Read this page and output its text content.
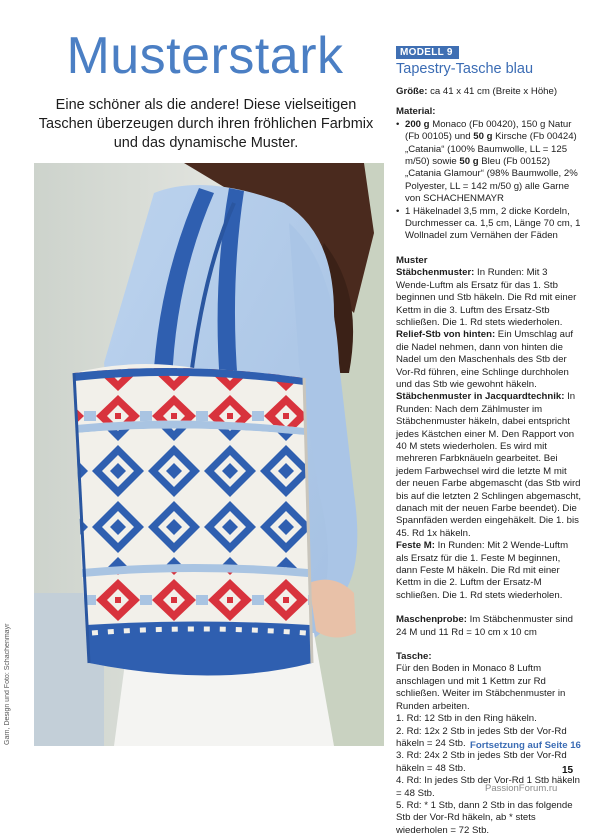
Musterstark
Eine schöner als die andere! Diese vielseitigen Taschen überzeugen durch ihren fröhlichen Farbmix und das dynamische Muster.
Garn, Design und Foto: Schachenmayr
MODELL 9
Tapestry-Tasche blau

Größe: ca 41 x 41 cm (Breite x Höhe)

Material:

• 200 g Monaco (Fb 00420), 150 g Natur (Fb 00105) und 50 g Kirsche (Fb 00424) „Catania“ (100% Baumwolle, LL = 125 m/50) sowie 50 g Bleu (Fb 00152) „Catania Glamour“ (98% Baumwolle, 2% Polyester, LL = 142 m/50 g) alle Garne von SCHACHENMAYR
• 1 Häkelnadel 3,5 mm, 2 dicke Kordeln, Durchmesser ca. 1,5 cm, Länge 70 cm, 1 Wollnadel zum Vernähen der Fäden

Muster

Stäbchenmuster: In Runden: Mit 3 Wende-Luftm als Ersatz für das 1. Stb beginnen und Stb häkeln. Die Rd mit einer Kettm in die 3. Luftm des Ersatz-Stb schließen. Die 1. Rd stets wiederholen.

Relief-Stb von hinten: Ein Umschlag auf die Nadel nehmen, dann von hinten die Nadel um den Maschenhals des Stb der Vor-Rd führen, eine Schlinge durchholen und das Stb wie gewohnt häkeln.

Stäbchenmuster in Jacquardtechnik: In Runden: Nach dem Zählmuster im Stäbchenmuster häkeln, dabei entspricht jedes Kästchen einer M. Den Rapport von 40 M stets wiederholen. Es wird mit mehreren Farbknäueln gearbeitet. Bei jedem Farbwechsel wird die letzte M mit der neuen Farbe abgemascht (das Stb wird bis auf die letzten 2 Schlingen abgemascht, danach mit der neuen Farbe beendet). Die Spannfäden werden eingehäkelt. Die 1. bis 45. Rd 1x häkeln.

Feste M: In Runden: Mit 2 Wende-Luftm als Ersatz für die 1. Feste M beginnen, dann Feste M häkeln. Die Rd mit einer Kettm in die 2. Luftm der Ersatz-M schließen. Die 1. Rd stets wiederholen.

Maschenprobe: Im Stäbchenmuster sind 24 M und 11 Rd = 10 cm x 10 cm

Tasche:

Für den Boden in Monaco 8 Luftm anschlagen und mit 1 Kettm zur Rd schließen. Weiter im Stäbchenmuster in Runden arbeiten.

1. Rd: 12 Stb in den Ring häkeln.

2. Rd: 12x 2 Stb in jedes Stb der Vor-Rd häkeln = 24 Stb.

3. Rd: 24x 2 Stb in jedes Stb der Vor-Rd häkeln = 48 Stb.

4. Rd: In jedes Stb der Vor-Rd 1 Stb häkeln = 48 Stb.

5. Rd: * 1 Stb, dann 2 Stb in das folgende Stb der Vor-Rd häkeln, ab * stets wiederholen = 72 Stb.

Fortsetzung auf Seite 16
15
PassionForum.ru
